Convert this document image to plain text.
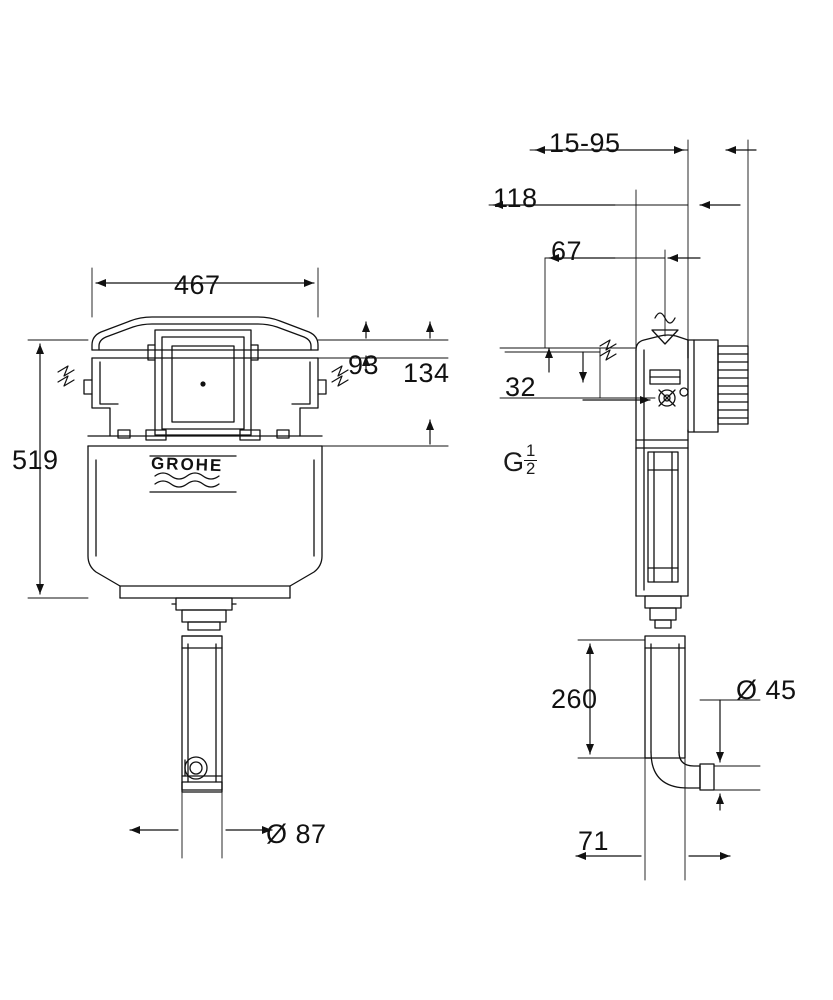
467
519
93 134
15-95
118
67
32
G $\frac{1}{2}$
Ø 87
260
71
Ø 45
GROHE
